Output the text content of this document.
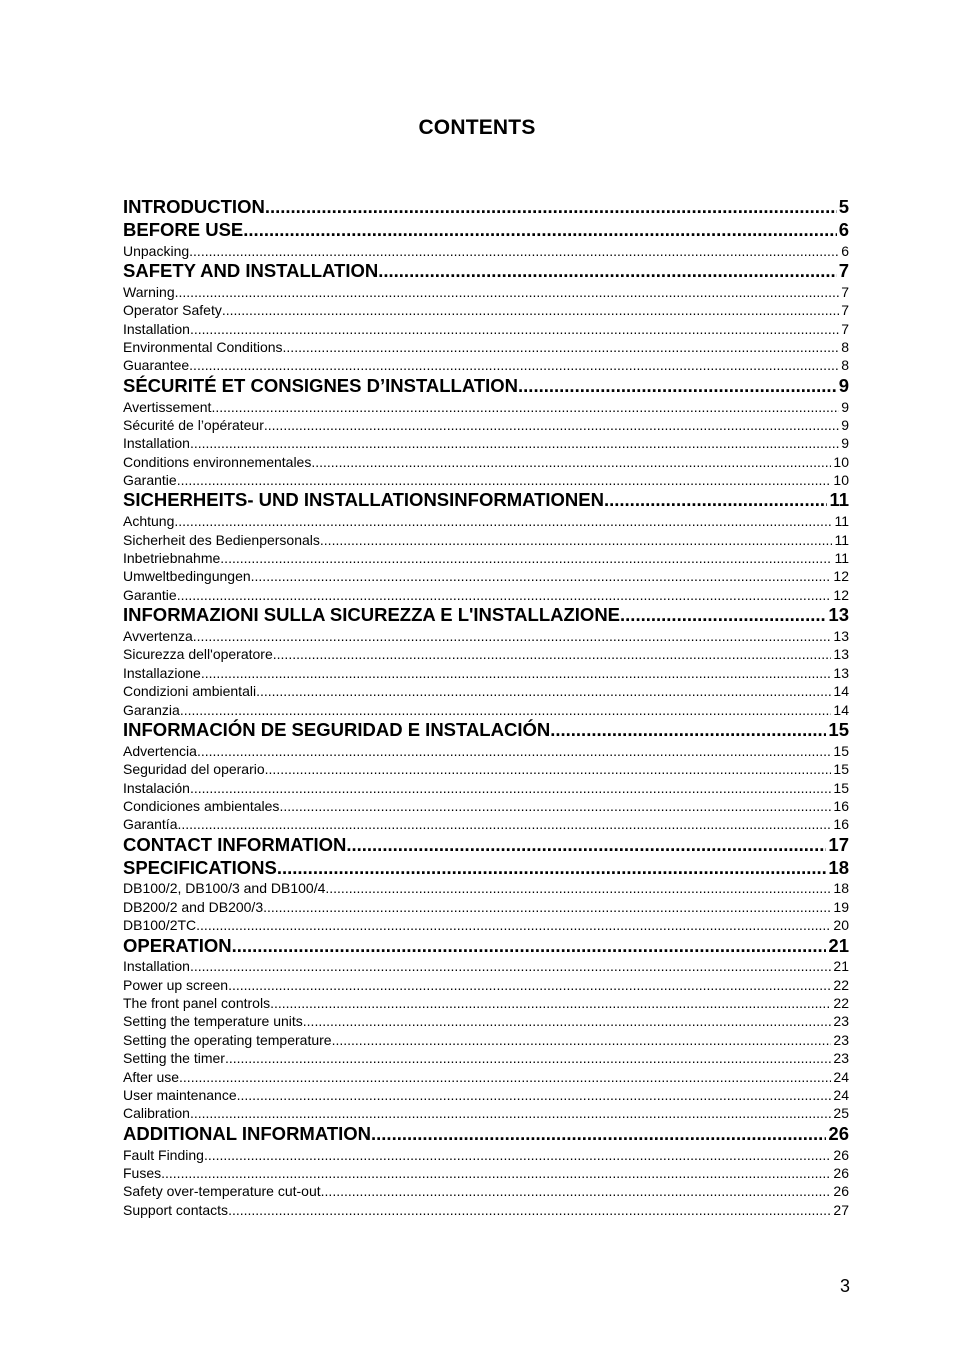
CONTENTS
INTRODUCTION .....	5
BEFORE USE .....	6
Unpacking .....	6
SAFETY AND INSTALLATION .....	7
Warning .....	7
Operator Safety .....	7
Installation .....	7
Environmental Conditions .....	8
Guarantee .....	8
SÉCURITÉ ET CONSIGNES D’INSTALLATION .....	9
Avertissement .....	9
Sécurité de l’opérateur .....	9
Installation .....	9
Conditions environnementales .....	10
Garantie .....	10
SICHERHEITS- UND INSTALLATIONSINFORMATIONEN .....	11
Achtung .....	11
Sicherheit des Bedienpersonals .....	11
Inbetriebnahme .....	11
Umweltbedingungen .....	12
Garantie .....	12
INFORMAZIONI SULLA SICUREZZA E L'INSTALLAZIONE .....	13
Avvertenza .....	13
Sicurezza dell'operatore .....	13
Installazione .....	13
Condizioni ambientali .....	14
Garanzia .....	14
INFORMACIÓN DE SEGURIDAD E INSTALACIÓN .....	15
Advertencia .....	15
Seguridad del operario .....	15
Instalación .....	15
Condiciones ambientales .....	16
Garantía .....	16
CONTACT INFORMATION .....	17
SPECIFICATIONS .....	18
DB100/2, DB100/3 and DB100/4 .....	18
DB200/2 and DB200/3 .....	19
DB100/2TC .....	20
OPERATION .....	21
Installation .....	21
Power up screen .....	22
The front panel controls .....	22
Setting the temperature units .....	23
Setting the operating temperature .....	23
Setting the timer .....	23
After use .....	24
User maintenance .....	24
Calibration .....	25
ADDITIONAL INFORMATION .....	26
Fault Finding .....	26
Fuses .....	26
Safety over-temperature cut-out .....	26
Support contacts .....	27
3
